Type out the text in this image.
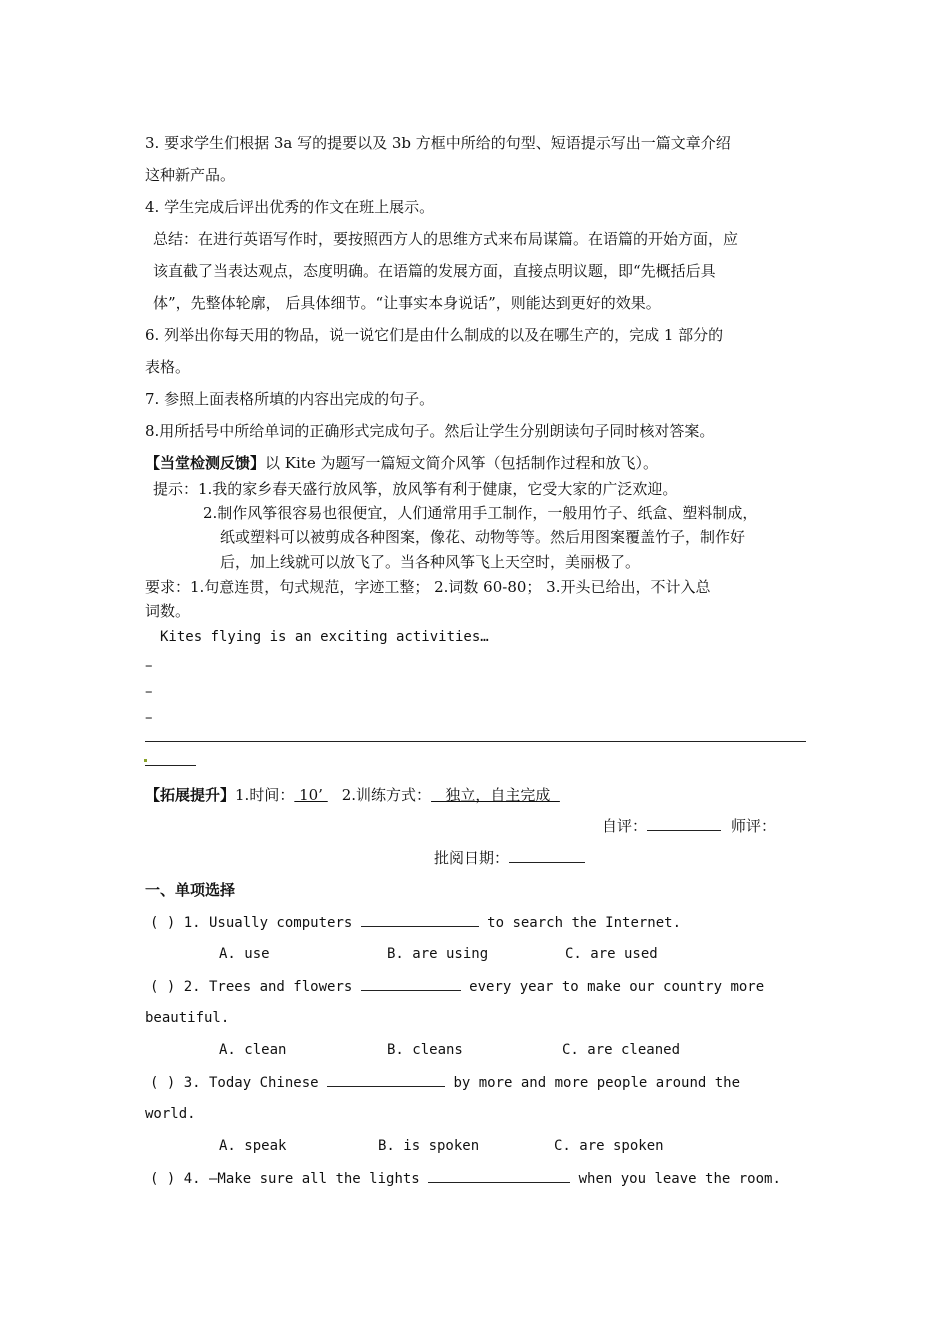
3. 要求学生们根据 3a 写的提要以及 3b 方框中所给的句型、短语提示写出一篇文章介绍
这种新产品。
4. 学生完成后评出优秀的作文在班上展示。
总结：在进行英语写作时，要按照西方人的思维方式来布局谋篇。在语篇的开始方面，应
该直截了当表达观点，态度明确。在语篇的发展方面，直接点明议题，即“先概括后具
体”，先整体轮廓， 后具体细节。“让事实本身说话”，则能达到更好的效果。
6. 列举出你每天用的物品，说一说它们是由什么制成的以及在哪生产的，完成 1 部分的
表格。
7. 参照上面表格所填的内容出完成的句子。
8.用所括号中所给单词的正确形式完成句子。然后让学生分别朗读句子同时核对答案。
【当堂检测反馈】以 Kite 为题写一篇短文简介风筝（包括制作过程和放飞）。
提示：1.我的家乡春天盛行放风筝，放风筝有利于健康，它受大家的广泛欢迎。
2.制作风筝很容易也很便宜，人们通常用手工制作，一般用竹子、纸盒、塑料制成，
纸或塑料可以被剪成各种图案，像花、动物等等。然后用图案覆盖竹子，制作好
后，加上线就可以放飞了。当各种风筝飞上天空时，美丽极了。
要求：1.句意连贯，句式规范，字迹工整； 2.词数 60-80； 3.开头已给出，不计入总
词数。
Kites flying is an exciting activities…
–
–
–
【拓展提升】1.时间： 10’ 2.训练方式：   独立，自主完成
自评：	师评：
批阅日期：
一、单项选择
( ) 1. Usually computers	to search the Internet.
A. use	B. are using	C. are used
( ) 2. Trees and flowers	every year to make our country more
beautiful.
A. clean	B. cleans	C. are cleaned
( ) 3. Today Chinese	by more and more people around the
world.
A. speak	B. is spoken	C. are spoken
( ) 4. —Make sure all the lights	when you leave the room.
